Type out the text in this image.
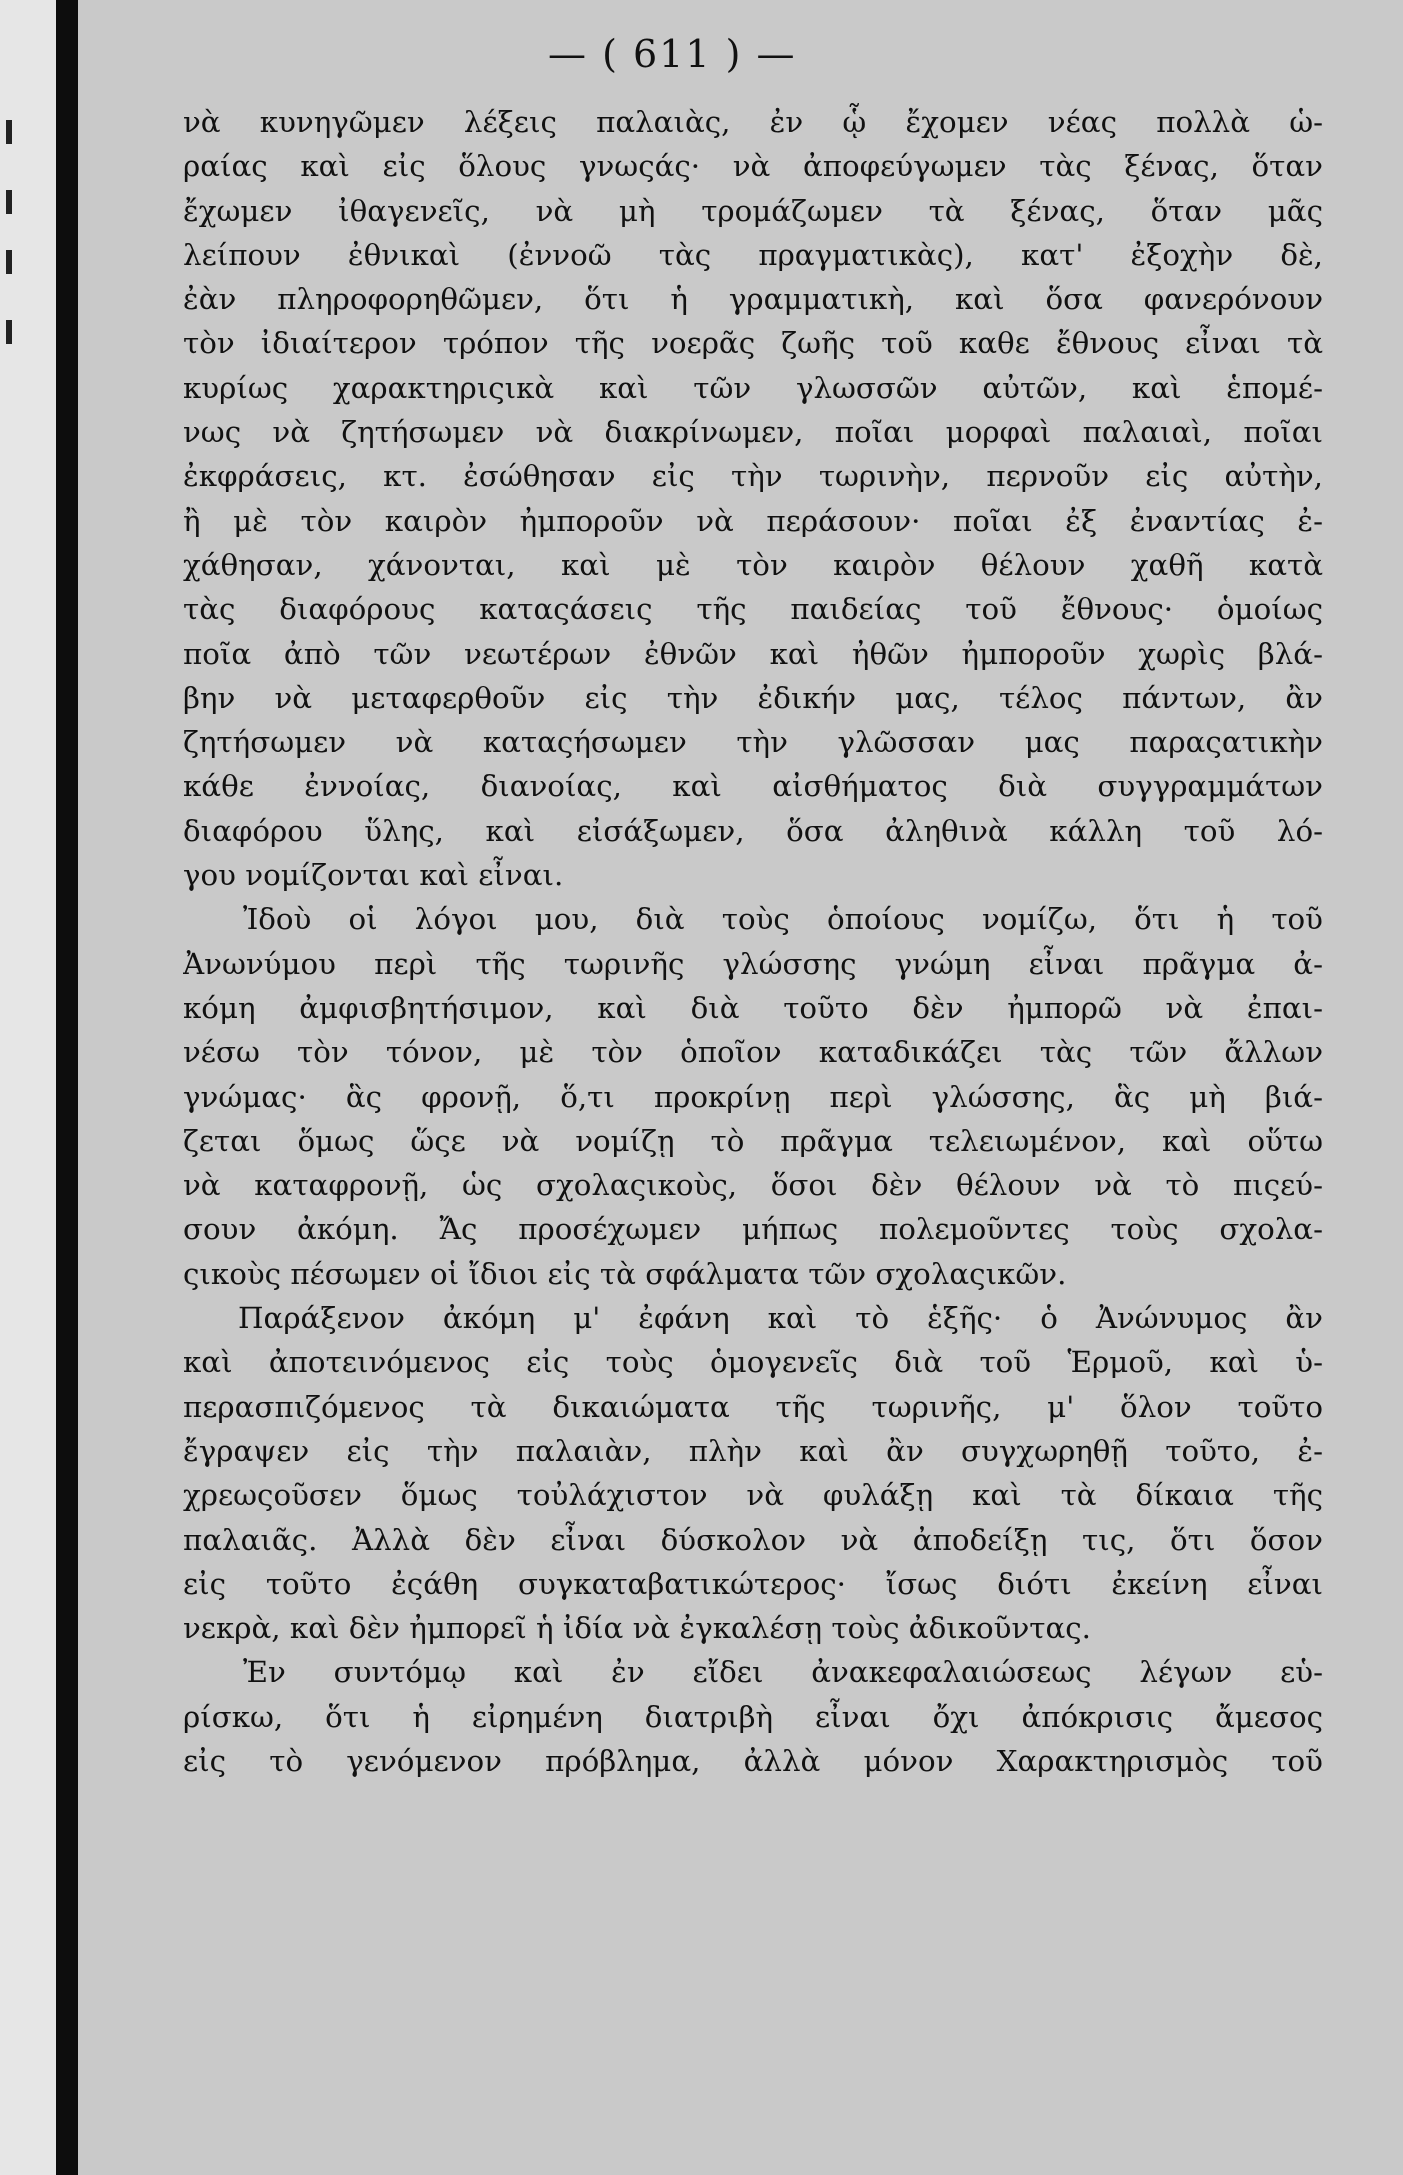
— ( 611 ) —
νὰ κυνηγῶμεν λέξεις παλαιὰς, ἐν ᾧ ἔχομεν νέας πολλὰ ὡ-
ραίας καὶ εἰς ὅλους γνωςάς· νὰ ἀποφεύγωμεν τὰς ξένας, ὅταν
ἔχωμεν ἰθαγενεῖς, νὰ μὴ τρομάζωμεν τὰ ξένας, ὅταν μᾶς
λείπουν ἐθνικαὶ (ἐννοῶ τὰς πραγματικὰς), κατ' ἐξοχὴν δὲ,
ἐὰν πληροφορηθῶμεν, ὅτι ἡ γραμματικὴ, καὶ ὅσα φανερόνουν
τὸν ἰδιαίτερον τρόπον τῆς νοερᾶς ζωῆς τοῦ καθε ἔθνους εἶναι τὰ
κυρίως χαρακτηριςικὰ καὶ τῶν γλωσσῶν αὐτῶν, καὶ ἑπομέ-
νως νὰ ζητήσωμεν νὰ διακρίνωμεν, ποῖαι μορφαὶ παλαιαὶ, ποῖαι
ἐκφράσεις, κτ. ἐσώθησαν εἰς τὴν τωρινὴν, περνοῦν εἰς αὐτὴν,
ἢ μὲ τὸν καιρὸν ἠμποροῦν νὰ περάσουν· ποῖαι ἐξ ἐναντίας ἐ-
χάθησαν, χάνονται, καὶ μὲ τὸν καιρὸν θέλουν χαθῆ κατὰ
τὰς διαφόρους καταςάσεις τῆς παιδείας τοῦ ἔθνους· ὁμοίως
ποῖα ἀπὸ τῶν νεωτέρων ἐθνῶν καὶ ἠθῶν ἠμποροῦν χωρὶς βλά-
βην νὰ μεταφερθοῦν εἰς τὴν ἐδικήν μας, τέλος πάντων, ἂν
ζητήσωμεν νὰ καταςήσωμεν τὴν γλῶσσαν μας παραςατικὴν
κάθε ἐννοίας, διανοίας, καὶ αἰσθήματος διὰ συγγραμμάτων
διαφόρου ὕλης, καὶ εἰσάξωμεν, ὅσα ἀληθινὰ κάλλη τοῦ λό-
γου νομίζονται καὶ εἶναι.
Ἰδοὺ οἱ λόγοι μου, διὰ τοὺς ὁποίους νομίζω, ὅτι ἡ τοῦ
Ἀνωνύμου περὶ τῆς τωρινῆς γλώσσης γνώμη εἶναι πρᾶγμα ἀ-
κόμη ἀμφισβητήσιμον, καὶ διὰ τοῦτο δὲν ἠμπορῶ νὰ ἐπαι-
νέσω τὸν τόνον, μὲ τὸν ὁποῖον καταδικάζει τὰς τῶν ἄλλων
γνώμας· ἃς φρονῇ, ὅ,τι προκρίνῃ περὶ γλώσσης, ἃς μὴ βιά-
ζεται ὅμως ὥςε νὰ νομίζῃ τὸ πρᾶγμα τελειωμένον, καὶ οὕτω
νὰ καταφρονῇ, ὡς σχολαςικοὺς, ὅσοι δὲν θέλουν νὰ τὸ πιςεύ-
σουν ἀκόμη. Ἄς προσέχωμεν μήπως πολεμοῦντες τοὺς σχολα-
ςικοὺς πέσωμεν οἱ ἴδιοι εἰς τὰ σφάλματα τῶν σχολαςικῶν.
Παράξενον ἀκόμη μ' ἐφάνη καὶ τὸ ἑξῆς· ὁ Ἀνώνυμος ἂν
καὶ ἀποτεινόμενος εἰς τοὺς ὁμογενεῖς διὰ τοῦ Ἑρμοῦ, καὶ ὑ-
περασπιζόμενος τὰ δικαιώματα τῆς τωρινῆς, μ' ὅλον τοῦτο
ἔγραψεν εἰς τὴν παλαιὰν, πλὴν καὶ ἂν συγχωρηθῇ τοῦτο, ἐ-
χρεωςοῦσεν ὅμως τοὐλάχιστον νὰ φυλάξῃ καὶ τὰ δίκαια τῆς
παλαιᾶς. Ἀλλὰ δὲν εἶναι δύσκολον νὰ ἀποδείξῃ τις, ὅτι ὅσον
εἰς τοῦτο ἐςάθη συγκαταβατικώτερος· ἴσως διότι ἐκείνη εἶναι
νεκρὰ, καὶ δὲν ἠμπορεῖ ἡ ἰδία νὰ ἐγκαλέσῃ τοὺς ἀδικοῦντας.
Ἐν συντόμῳ καὶ ἐν εἴδει ἀνακεφαλαιώσεως λέγων εὑ-
ρίσκω, ὅτι ἡ εἰρημένη διατριβὴ εἶναι ὄχι ἀπόκρισις ἄμεσος
εἰς τὸ γενόμενον πρόβλημα, ἀλλὰ μόνον Χαρακτηρισμὸς τοῦ
